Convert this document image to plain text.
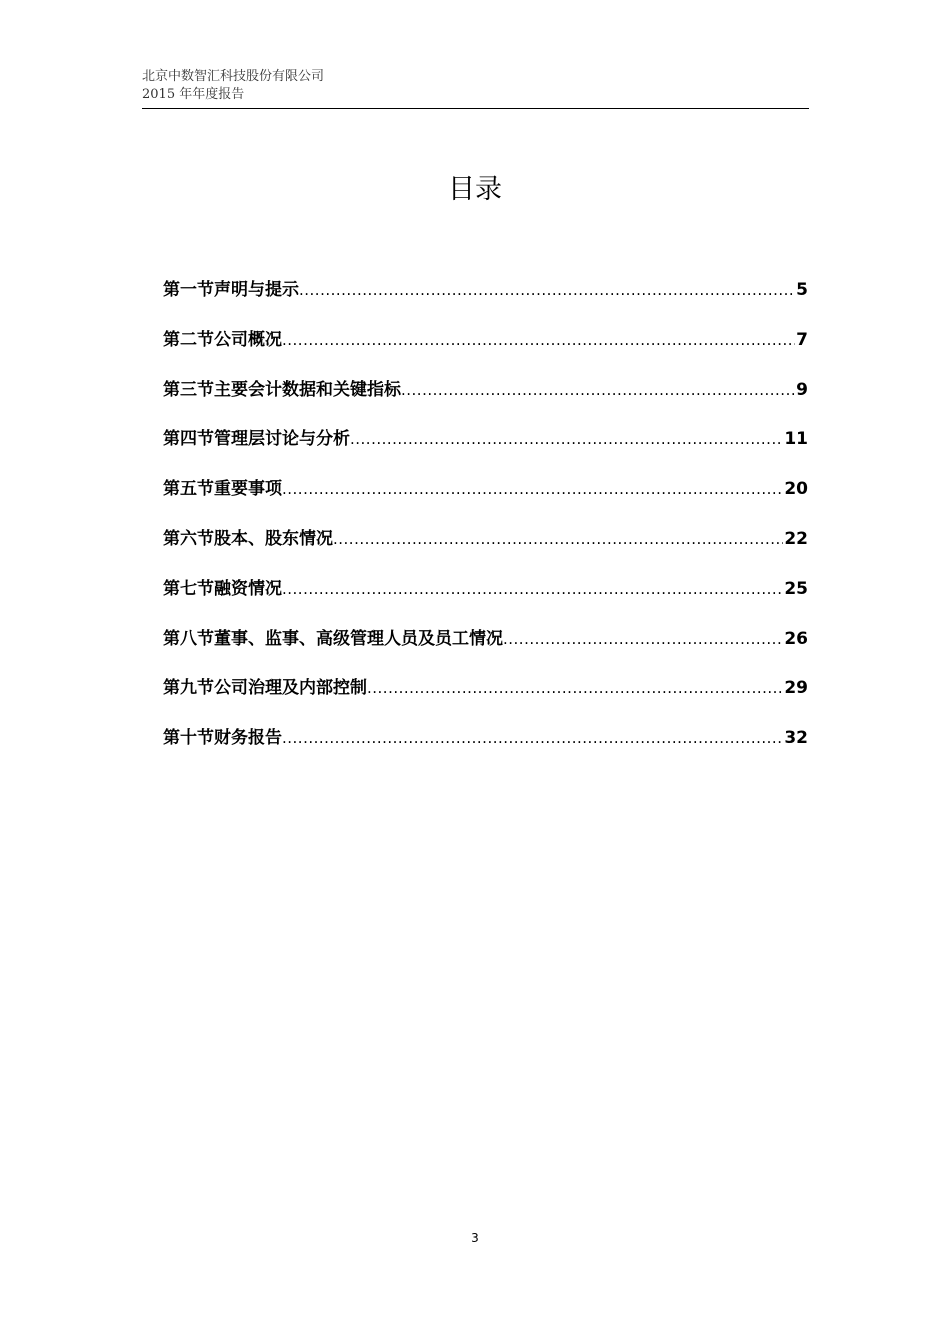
北京中数智汇科技股份有限公司
2015 年年度报告
目录
第一节声明与提示 .....	5
第二节公司概况 .....	7
第三节主要会计数据和关键指标 .....	9
第四节管理层讨论与分析 .....	11
第五节重要事项 .....	20
第六节股本、股东情况 .....	22
第七节融资情况 .....	25
第八节董事、监事、高级管理人员及员工情况 .....	26
第九节公司治理及内部控制 .....	29
第十节财务报告 .....	32
3
